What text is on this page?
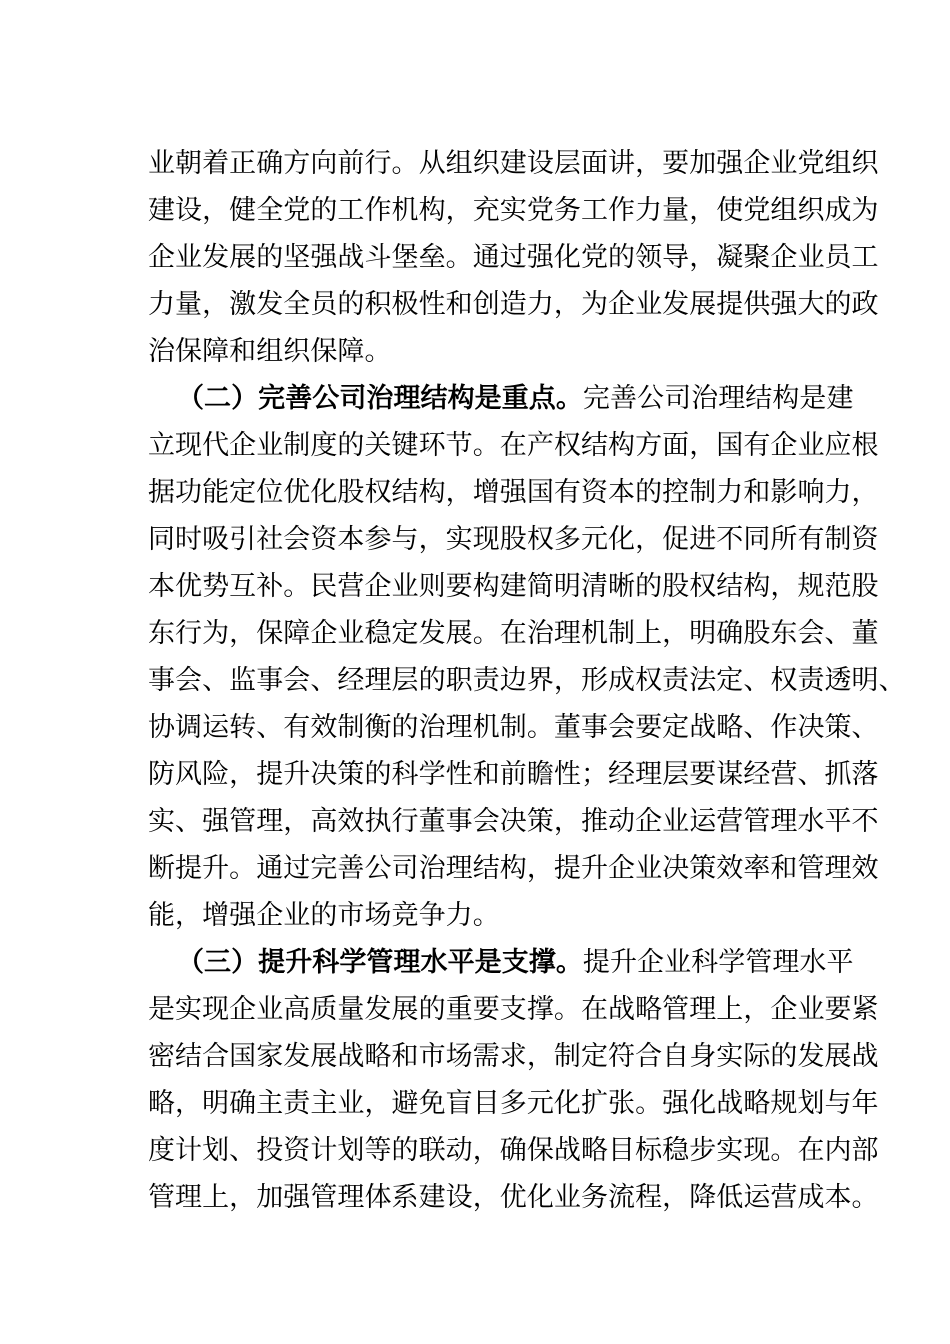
业朝着正确方向前行。从组织建设层面讲，要加强企业党组织
建设，健全党的工作机构，充实党务工作力量，使党组织成为
企业发展的坚强战斗堡垒。通过强化党的领导，凝聚企业员工
力量，激发全员的积极性和创造力，为企业发展提供强大的政
治保障和组织保障。
（二）完善公司治理结构是重点。完善公司治理结构是建
立现代企业制度的关键环节。在产权结构方面，国有企业应根
据功能定位优化股权结构，增强国有资本的控制力和影响力，
同时吸引社会资本参与，实现股权多元化，促进不同所有制资
本优势互补。民营企业则要构建简明清晰的股权结构，规范股
东行为，保障企业稳定发展。在治理机制上，明确股东会、董
事会、监事会、经理层的职责边界，形成权责法定、权责透明、
协调运转、有效制衡的治理机制。董事会要定战略、作决策、
防风险，提升决策的科学性和前瞻性；经理层要谋经营、抓落
实、强管理，高效执行董事会决策，推动企业运营管理水平不
断提升。通过完善公司治理结构，提升企业决策效率和管理效
能，增强企业的市场竞争力。
（三）提升科学管理水平是支撑。提升企业科学管理水平
是实现企业高质量发展的重要支撑。在战略管理上，企业要紧
密结合国家发展战略和市场需求，制定符合自身实际的发展战
略，明确主责主业，避免盲目多元化扩张。强化战略规划与年
度计划、投资计划等的联动，确保战略目标稳步实现。在内部
管理上，加强管理体系建设，优化业务流程，降低运营成本。
